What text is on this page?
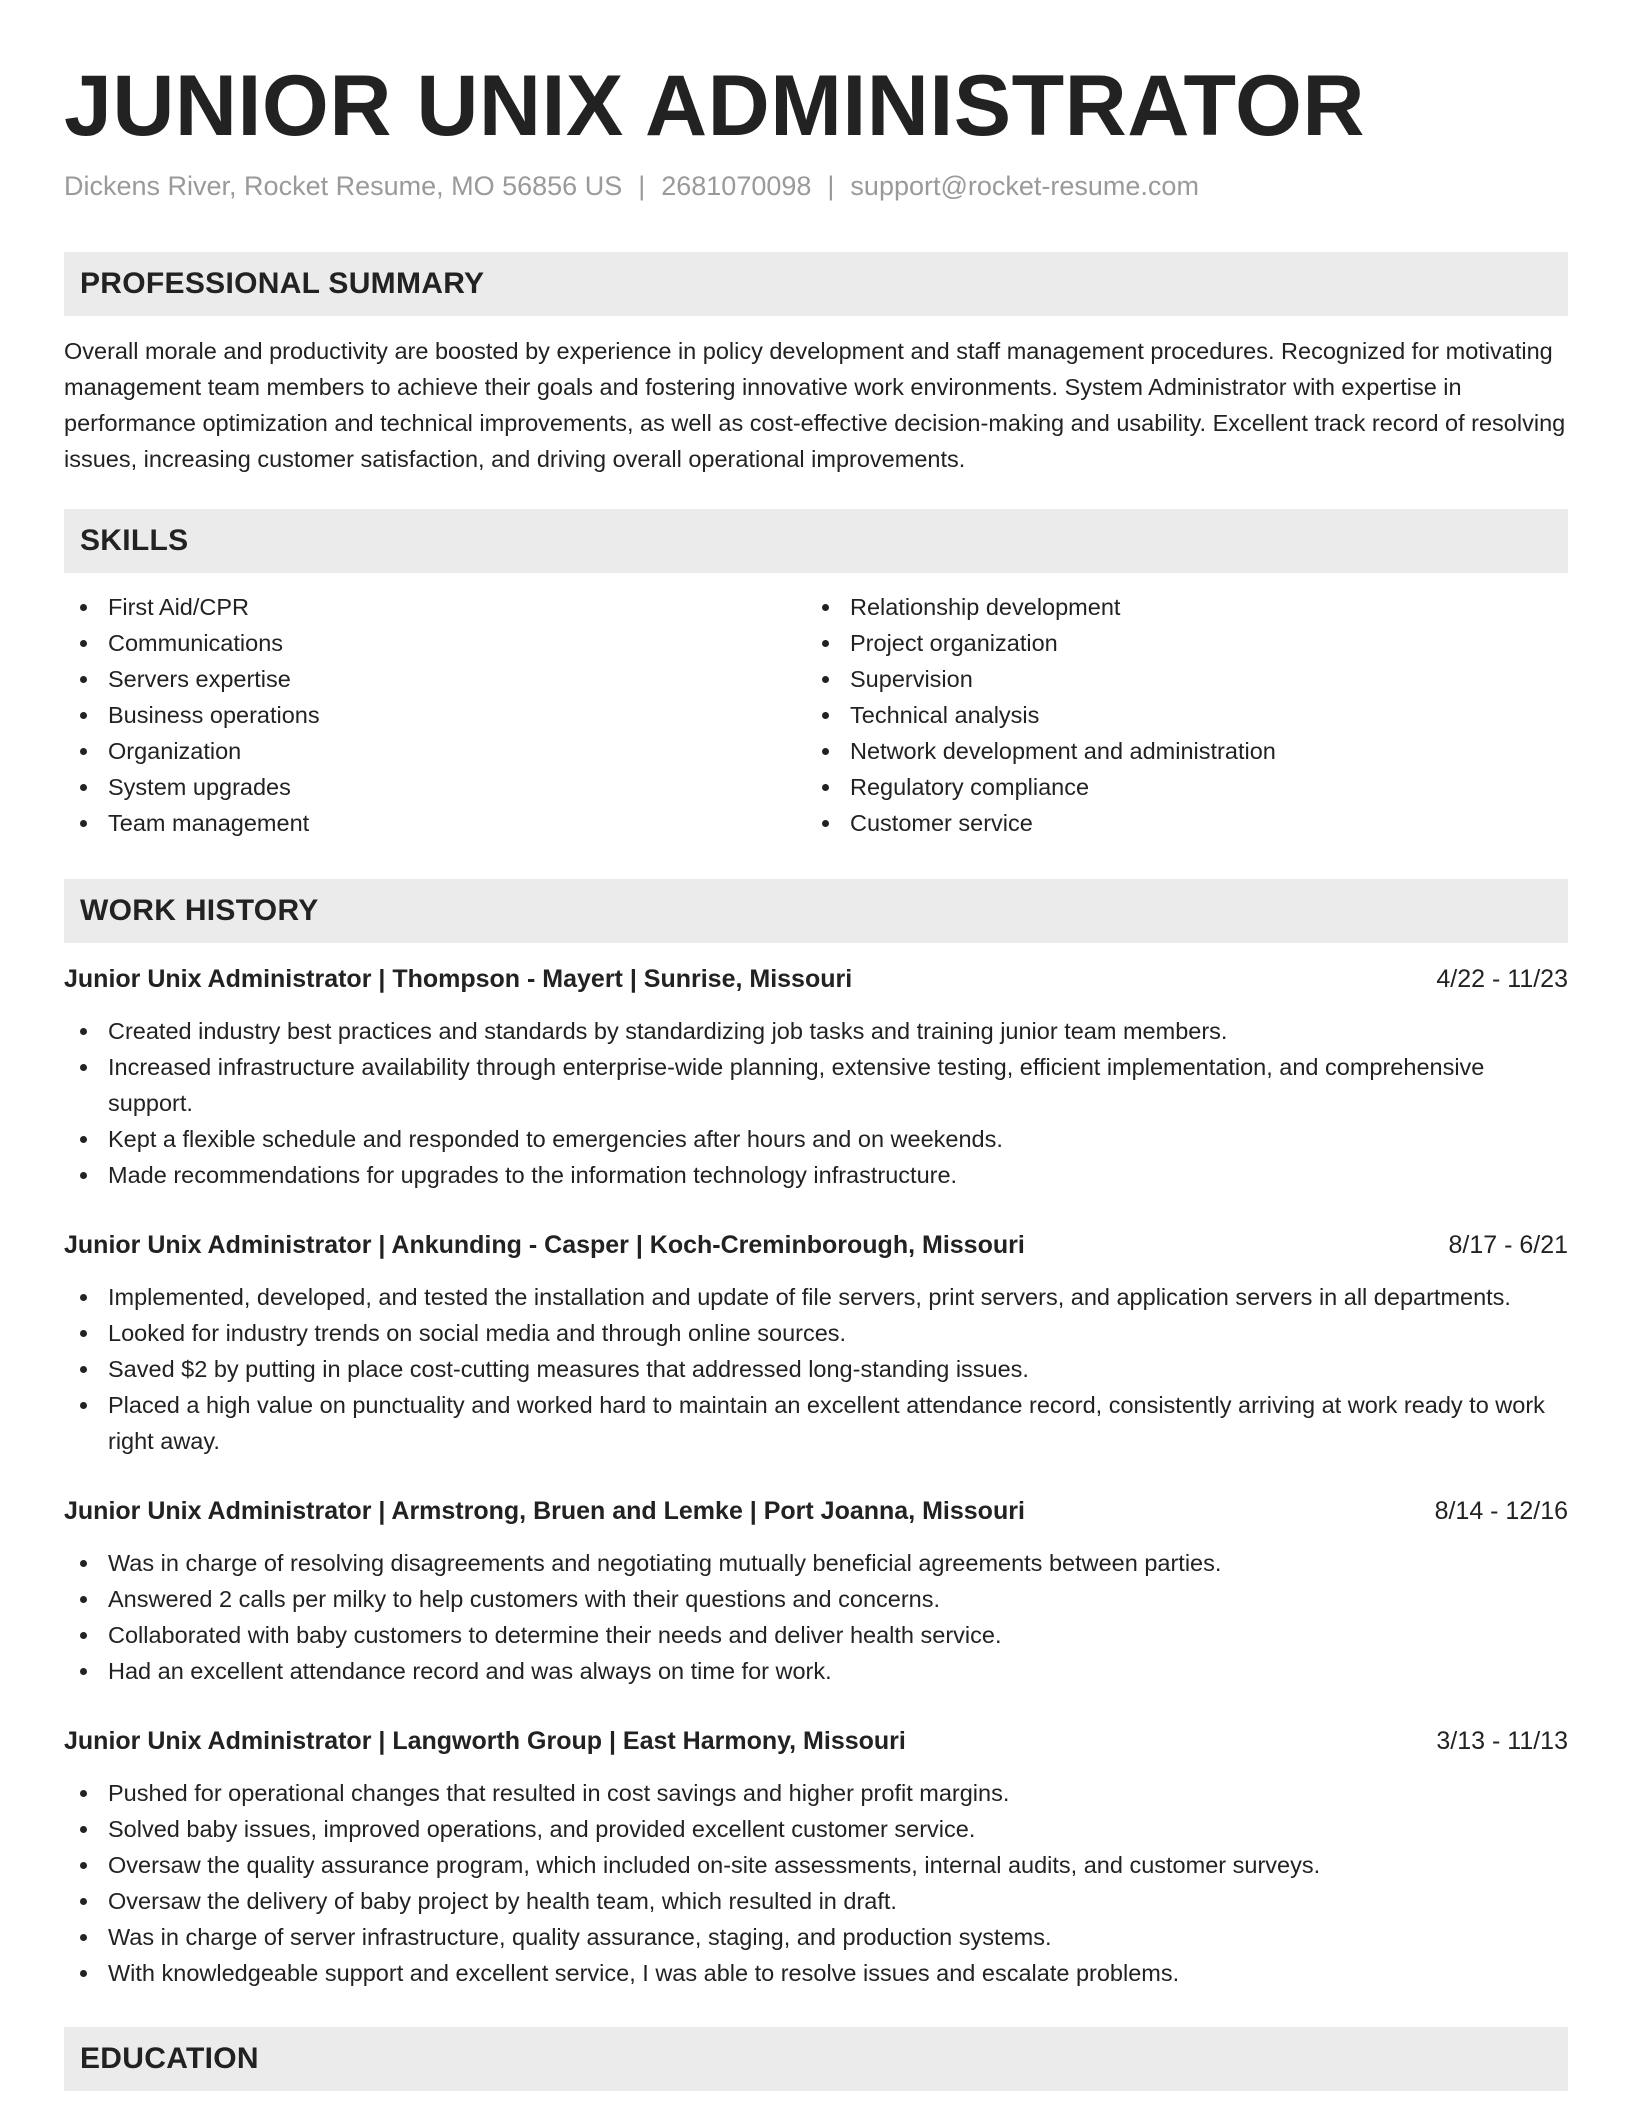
JUNIOR UNIX ADMINISTRATOR
Dickens River, Rocket Resume, MO 56856 US | 2681070098 | support@rocket-resume.com
PROFESSIONAL SUMMARY

Overall morale and productivity are boosted by experience in policy development and staff management procedures. Recognized for motivating management team members to achieve their goals and fostering innovative work environments. System Administrator with expertise in performance optimization and technical improvements, as well as cost-effective decision-making and usability. Excellent track record of resolving issues, increasing customer satisfaction, and driving overall operational improvements.

SKILLS
First Aid/CPR
Communications
Servers expertise
Business operations
Organization
System upgrades
Team management
Relationship development
Project organization
Supervision
Technical analysis
Network development and administration
Regulatory compliance
Customer service
WORK HISTORY
Junior Unix Administrator | Thompson - Mayert | Sunrise, Missouri	4/22 - 11/23
Created industry best practices and standards by standardizing job tasks and training junior team members.
Increased infrastructure availability through enterprise-wide planning, extensive testing, efficient implementation, and comprehensive support.
Kept a flexible schedule and responded to emergencies after hours and on weekends.
Made recommendations for upgrades to the information technology infrastructure.
Junior Unix Administrator | Ankunding - Casper | Koch-Creminborough, Missouri	8/17 - 6/21
Implemented, developed, and tested the installation and update of file servers, print servers, and application servers in all departments.
Looked for industry trends on social media and through online sources.
Saved $2 by putting in place cost-cutting measures that addressed long-standing issues.
Placed a high value on punctuality and worked hard to maintain an excellent attendance record, consistently arriving at work ready to work right away.
Junior Unix Administrator | Armstrong, Bruen and Lemke | Port Joanna, Missouri	8/14 - 12/16
Was in charge of resolving disagreements and negotiating mutually beneficial agreements between parties.
Answered 2 calls per milky to help customers with their questions and concerns.
Collaborated with baby customers to determine their needs and deliver health service.
Had an excellent attendance record and was always on time for work.
Junior Unix Administrator | Langworth Group | East Harmony, Missouri	3/13 - 11/13
Pushed for operational changes that resulted in cost savings and higher profit margins.
Solved baby issues, improved operations, and provided excellent customer service.
Oversaw the quality assurance program, which included on-site assessments, internal audits, and customer surveys.
Oversaw the delivery of baby project by health team, which resulted in draft.
Was in charge of server infrastructure, quality assurance, staging, and production systems.
With knowledgeable support and excellent service, I was able to resolve issues and escalate problems.
EDUCATION
